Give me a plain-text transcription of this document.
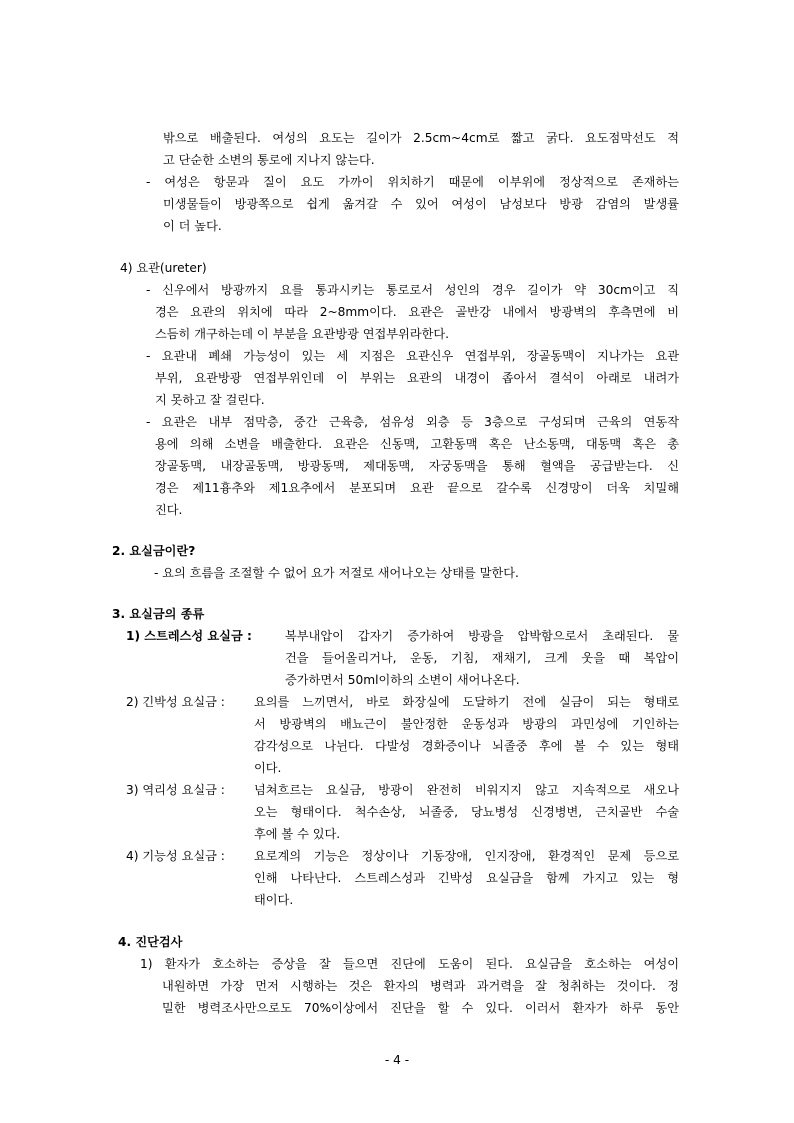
밖으로 배출된다. 여성의 요도는 길이가 2.5cm~4cm로 짧고 굵다. 요도점막선도 적
고 단순한 소변의 통로에 지나지 않는다.
- 여성은 항문과 질이 요도 가까이 위치하기 때문에 이부위에 정상적으로 존재하는
미생물들이 방광쪽으로 쉽게 옮겨갈 수 있어 여성이 남성보다 방광 감염의 발생률
이 더 높다.
4) 요관(ureter)
- 신우에서 방광까지 요를 통과시키는 통로로서 성인의 경우 길이가 약 30cm이고 직
경은 요관의 위치에 따라 2~8mm이다. 요관은 골반강 내에서 방광벽의 후측면에 비
스듬히 개구하는데 이 부분을 요관방광 연접부위라한다.
- 요관내 폐쇄 가능성이 있는 세 지점은 요관신우 연접부위, 장골동맥이 지나가는 요관
부위, 요관방광 연접부위인데 이 부위는 요관의 내경이 좁아서 결석이 아래로 내려가
지 못하고 잘 걸린다.
- 요관은 내부 점막층, 중간 근육층, 섬유성 외층 등 3층으로 구성되며 근육의 연동작
용에 의해 소변을 배출한다. 요관은 신동맥, 고환동맥 혹은 난소동맥, 대동맥 혹은 총
장골동맥, 내장골동맥, 방광동맥, 제대동맥, 자궁동맥을 통해 혈액을 공급받는다. 신
경은 제11흉추와 제1요추에서 분포되며 요관 끝으로 갈수록 신경망이 더욱 치밀해
진다.
2. 요실금이란?
- 요의 흐름을 조절할 수 없어 요가 저절로 새어나오는 상태를 말한다.
3. 요실금의 종류
1) 스트레스성 요실금 :	복부내압이 갑자기 증가하여 방광을 압박함으로서 초래된다. 물
건을 들어올리거나, 운동, 기침, 재채기, 크게 웃을 때 복압이
증가하면서 50ml이하의 소변이 새어나온다.
2) 긴박성 요실금 : 요의를 느끼면서, 바로 화장실에 도달하기 전에 실금이 되는 형태로
서 방광벽의 배뇨근이 불안정한 운동성과 방광의 과민성에 기인하는
감각성으로 나뉜다. 다발성 경화증이나 뇌졸중 후에 볼 수 있는 형태
이다.
3) 역리성 요실금 : 넘쳐흐르는 요실금, 방광이 완전히 비워지지 않고 지속적으로 새오나
오는 형태이다. 척수손상, 뇌졸중, 당뇨병성 신경병변, 근치골반 수술
후에 볼 수 있다.
4) 기능성 요실금 : 요로계의 기능은 정상이나 기동장애, 인지장애, 환경적인 문제 등으로
인해 나타난다. 스트레스성과 긴박성 요실금을 함께 가지고 있는 형
태이다.
4. 진단검사
1) 환자가 호소하는 증상을 잘 들으면 진단에 도움이 된다. 요실금을 호소하는 여성이
내원하면 가장 먼저 시행하는 것은 환자의 병력과 과거력을 잘 청취하는 것이다. 정
밀한 병력조사만으로도 70%이상에서 진단을 할 수 있다. 이러서 환자가 하루 동안
- 4 -
